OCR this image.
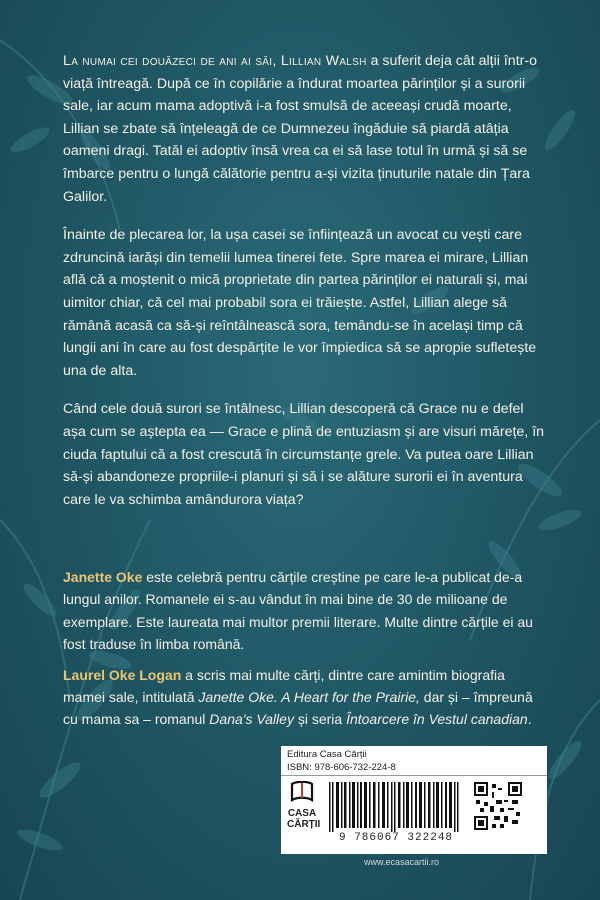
La numai cei douăzeci de ani ai săi, Lillian Walsh a suferit deja cât alții într-o viață întreagă. După ce în copilărie a îndurat moartea părinților și a surorii sale, iar acum mama adoptivă i-a fost smulsă de aceeași crudă moarte, Lillian se zbate să înțeleagă de ce Dumnezeu îngăduie să piardă atâția oameni dragi. Tatăl ei adoptiv însă vrea ca ei să lase totul în urmă și să se îmbarce pentru o lungă călătorie pentru a-și vizita ținuturile natale din Țara Galilor.

Înainte de plecarea lor, la ușa casei se înființează un avocat cu vești care zdruncină iarăși din temelii lumea tinerei fete. Spre marea ei mirare, Lillian află că a moștenit o mică proprietate din partea părinților ei naturali și, mai uimitor chiar, că cel mai probabil sora ei trăiește. Astfel, Lillian alege să rămână acasă ca să-și reîntâlnească sora, temându-se în același timp că lungii ani în care au fost despărțite le vor împiedica să se apropie sufletește una de alta.

Când cele două surori se întâlnesc, Lillian descoperă că Grace nu e defel așa cum se aștepta ea — Grace e plină de entuziasm și are visuri mărețe, în ciuda faptului că a fost crescută în circumstanțe grele. Va putea oare Lillian să-și abandoneze propriile-i planuri și să i se alăture surorii ei în aventura care le va schimba amândurora viața?

Janette Oke este celebră pentru cărțile creștine pe care le-a publicat de-a lungul anilor. Romanele ei s-au vândut în mai bine de 30 de milioane de exemplare. Este laureata mai multor premii literare. Multe dintre cărțile ei au fost traduse în limba română.

Laurel Oke Logan a scris mai multe cărți, dintre care amintim biografia mamei sale, intitulată Janette Oke. A Heart for the Prairie, dar și – împreună cu mama sa – romanul Dana's Valley și seria Întoarcere în Vestul canadian.

Editura Casa Cărții
ISBN: 978-606-732-224-8
CASA
CĂRȚII
9 786067 322248
www.ecasacartii.ro
